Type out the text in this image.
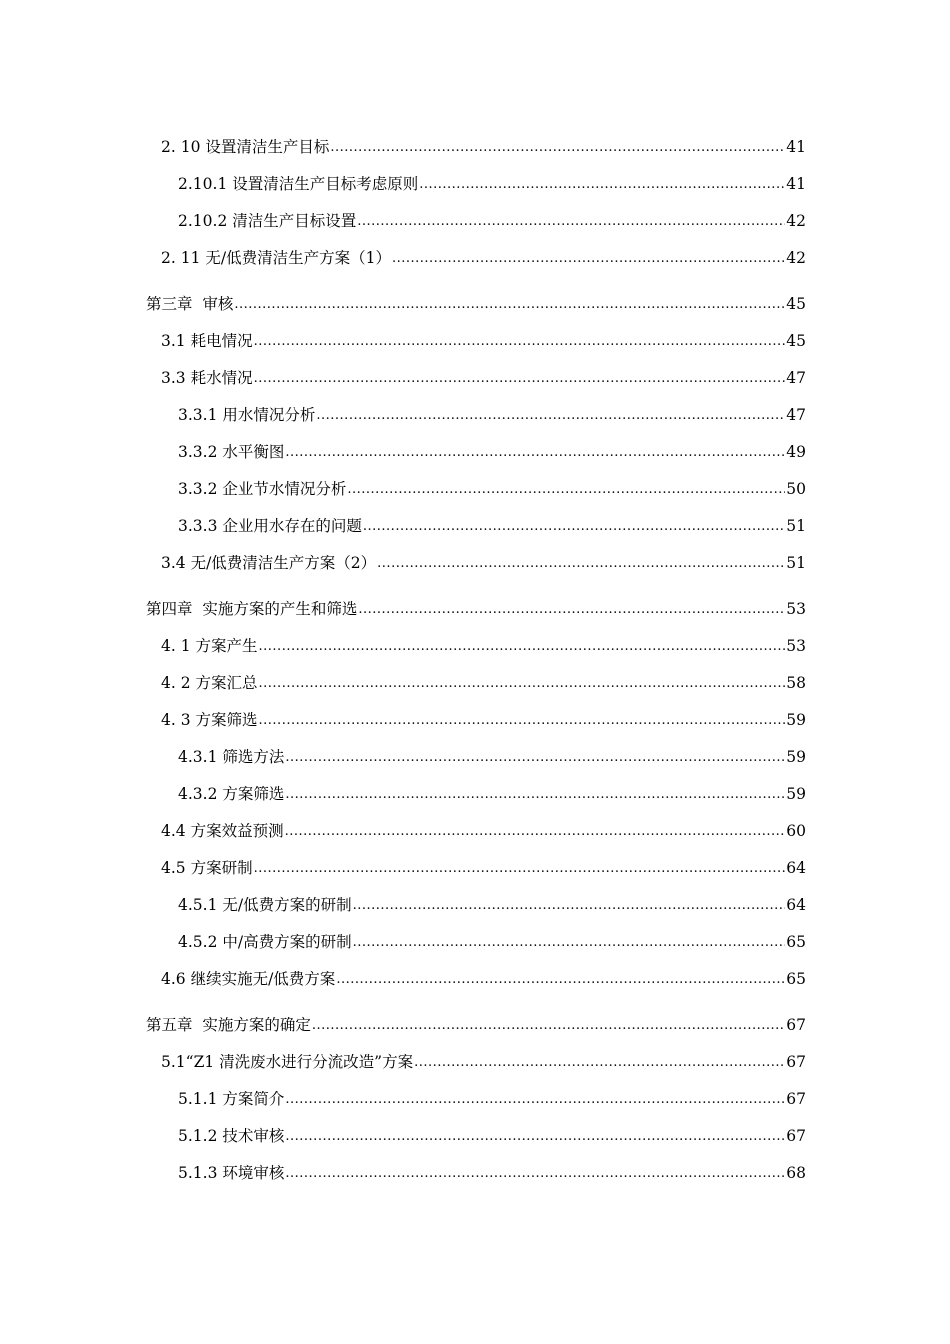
2. 10 设置清洁生产目标 .....	41
2.10.1 设置清洁生产目标考虑原则 .....	41
2.10.2 清洁生产目标设置 .....	42
2. 11 无/低费清洁生产方案（1） .....	42
第三章 审核 .....	45
3.1 耗电情况 .....	45
3.3 耗水情况 .....	47
3.3.1 用水情况分析 .....	47
3.3.2 水平衡图 .....	49
3.3.2 企业节水情况分析 .....	50
3.3.3 企业用水存在的问题 .....	51
3.4 无/低费清洁生产方案（2） .....	51
第四章 实施方案的产生和筛选 .....	53
4. 1 方案产生 .....	53
4. 2 方案汇总 .....	58
4. 3 方案筛选 .....	59
4.3.1 筛选方法 .....	59
4.3.2 方案筛选 .....	59
4.4 方案效益预测 .....	60
4.5 方案研制 .....	64
4.5.1 无/低费方案的研制 .....	64
4.5.2 中/高费方案的研制 .....	65
4.6 继续实施无/低费方案 .....	65
第五章 实施方案的确定 .....	67
5.1 “Z1 清洗废水进行分流改造”方案 .....	67
5.1.1 方案简介 .....	67
5.1.2 技术审核 .....	67
5.1.3 环境审核 .....	68
